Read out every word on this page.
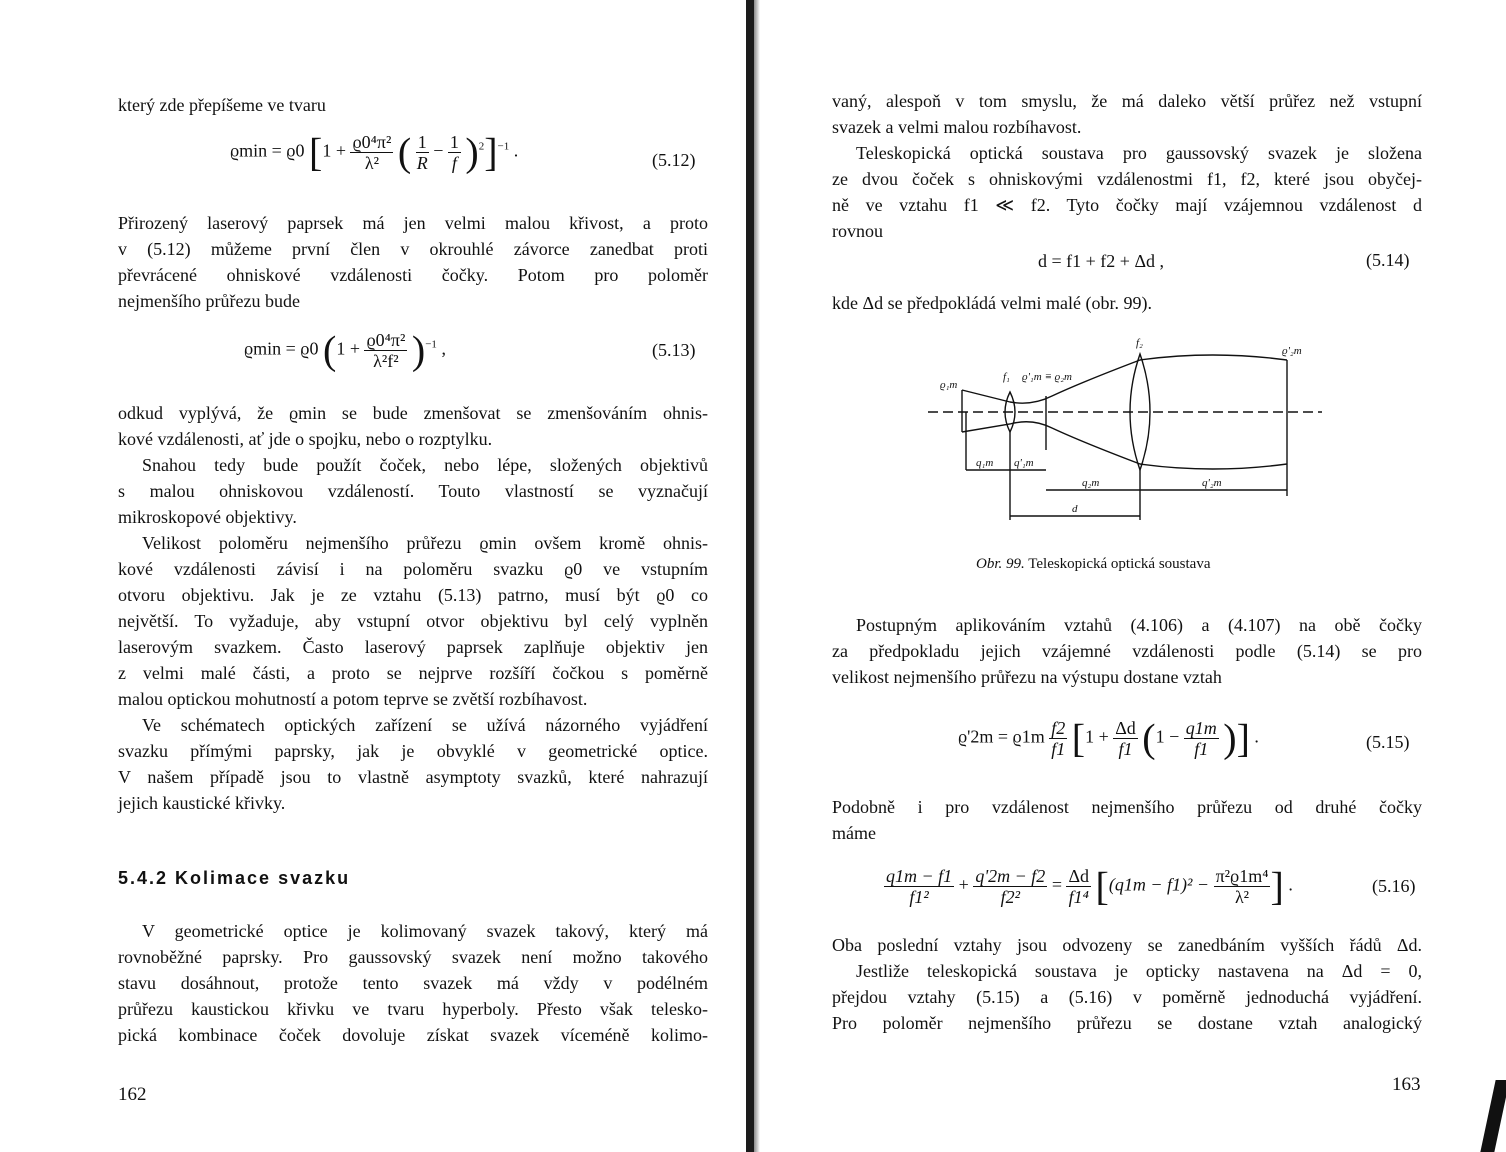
který zde přepíšeme ve tvaru
ϱmin = ϱ0 [$1 + \frac{\text{ϱ0⁴π²}}{\text{λ²}}$ ( $\frac{1}{R} - \frac{1}{f} )^2]^{-1}$ .	(5.12)
Přirozený laserový paprsek má jen velmi malou křivost, a proto
v (5.12) můžeme první člen v okrouhlé závorce zanedbat proti
převrácené ohniskové vzdálenosti čočky. Potom pro poloměr
nejmenšího průřezu bude
ϱmin = ϱ0 $(1 + \frac{\text{ϱ0⁴π²}}{\text{λ²f²}} )^{-1}$ ,	(5.13)
odkud vyplývá, že ϱmin se bude zmenšovat se zmenšováním ohnis-
kové vzdálenosti, ať jde o spojku, nebo o rozptylku.
Snahou tedy bude použít čoček, nebo lépe, složených objektivů
s malou ohniskovou vzdáleností. Touto vlastností se vyznačují
mikroskopové objektivy.
Velikost poloměru nejmenšího průřezu ϱmin ovšem kromě ohnis-
kové vzdálenosti závisí i na poloměru svazku ϱ0 ve vstupním
otvoru objektivu. Jak je ze vztahu (5.13) patrno, musí být ϱ0 co
největší. To vyžaduje, aby vstupní otvor objektivu byl celý vyplněn
laserovým svazkem. Často laserový paprsek zaplňuje objektiv jen
z velmi malé části, a proto se nejprve rozšíří čočkou s poměrně
malou optickou mohutností a potom teprve se zvětší rozbíhavost.
Ve schématech optických zařízení se užívá názorného vyjádření
svazku přímými paprsky, jak je obvyklé v geometrické optice.
V našem případě jsou to vlastně asymptoty svazků, které nahrazují
jejich kaustické křivky.
5.4.2 Kolimace svazku
V geometrické optice je kolimovaný svazek takový, který má
rovnoběžné paprsky. Pro gaussovský svazek není možno takového
stavu dosáhnout, protože tento svazek má vždy v podélném
průřezu kaustickou křivku ve tvaru hyperboly. Přesto však telesko-
pická kombinace čoček dovoluje získat svazek víceméně kolimo-
162
vaný, alespoň v tom smyslu, že má daleko větší průřez než vstupní
svazek a velmi malou rozbíhavost.
Teleskopická optická soustava pro gaussovský svazek je složena
ze dvou čoček s ohniskovými vzdálenostmi f1, f2, které jsou obyčej-
ně ve vztahu f1 ≪ f2. Tyto čočky mají vzájemnou vzdálenost d
rovnou
d = f1 + f2 + Δd ,	(5.14)
kde Δd se předpokládá velmi malé (obr. 99).
f₂
f₁ ϱ'₁m ≡ ϱ₂m
ϱ'₂m
ϱ₁m
q₁m q'₁m
q₂m	q'₂m
d
Obr. 99. Teleskopická optická soustava
Postupným aplikováním vztahů (4.106) a (4.107) na obě čočky
za předpokladu jejich vzájemné vzdálenosti podle (5.14) se pro
velikost nejmenšího průřezu na výstupu dostane vztah
$ϱ'2m = ϱ1m \frac{f2}{f1} [1 + \frac{\Delta d}{f1} (1 - \frac{q1m}{f1}$ )] .	(5.15)
Podobně i pro vzdálenost nejmenšího průřezu od druhé čočky
máme
$\frac{q1m - f1}{\text{f1²}} + \frac{q'2m - f2}{\text{f2²}} = \frac{\Delta d}{\text{f1⁴}} [(q1m - f1)^2 - \frac{\text{π²ϱ1m⁴}}{\text{λ²}}$ ] .	(5.16)
Oba poslední vztahy jsou odvozeny se zanedbáním vyšších řádů Δd.
Jestliže teleskopická soustava je opticky nastavena na Δd = 0,
přejdou vztahy (5.15) a (5.16) v poměrně jednoduchá vyjádření.
Pro poloměr nejmenšího průřezu se dostane vztah analogický
163
